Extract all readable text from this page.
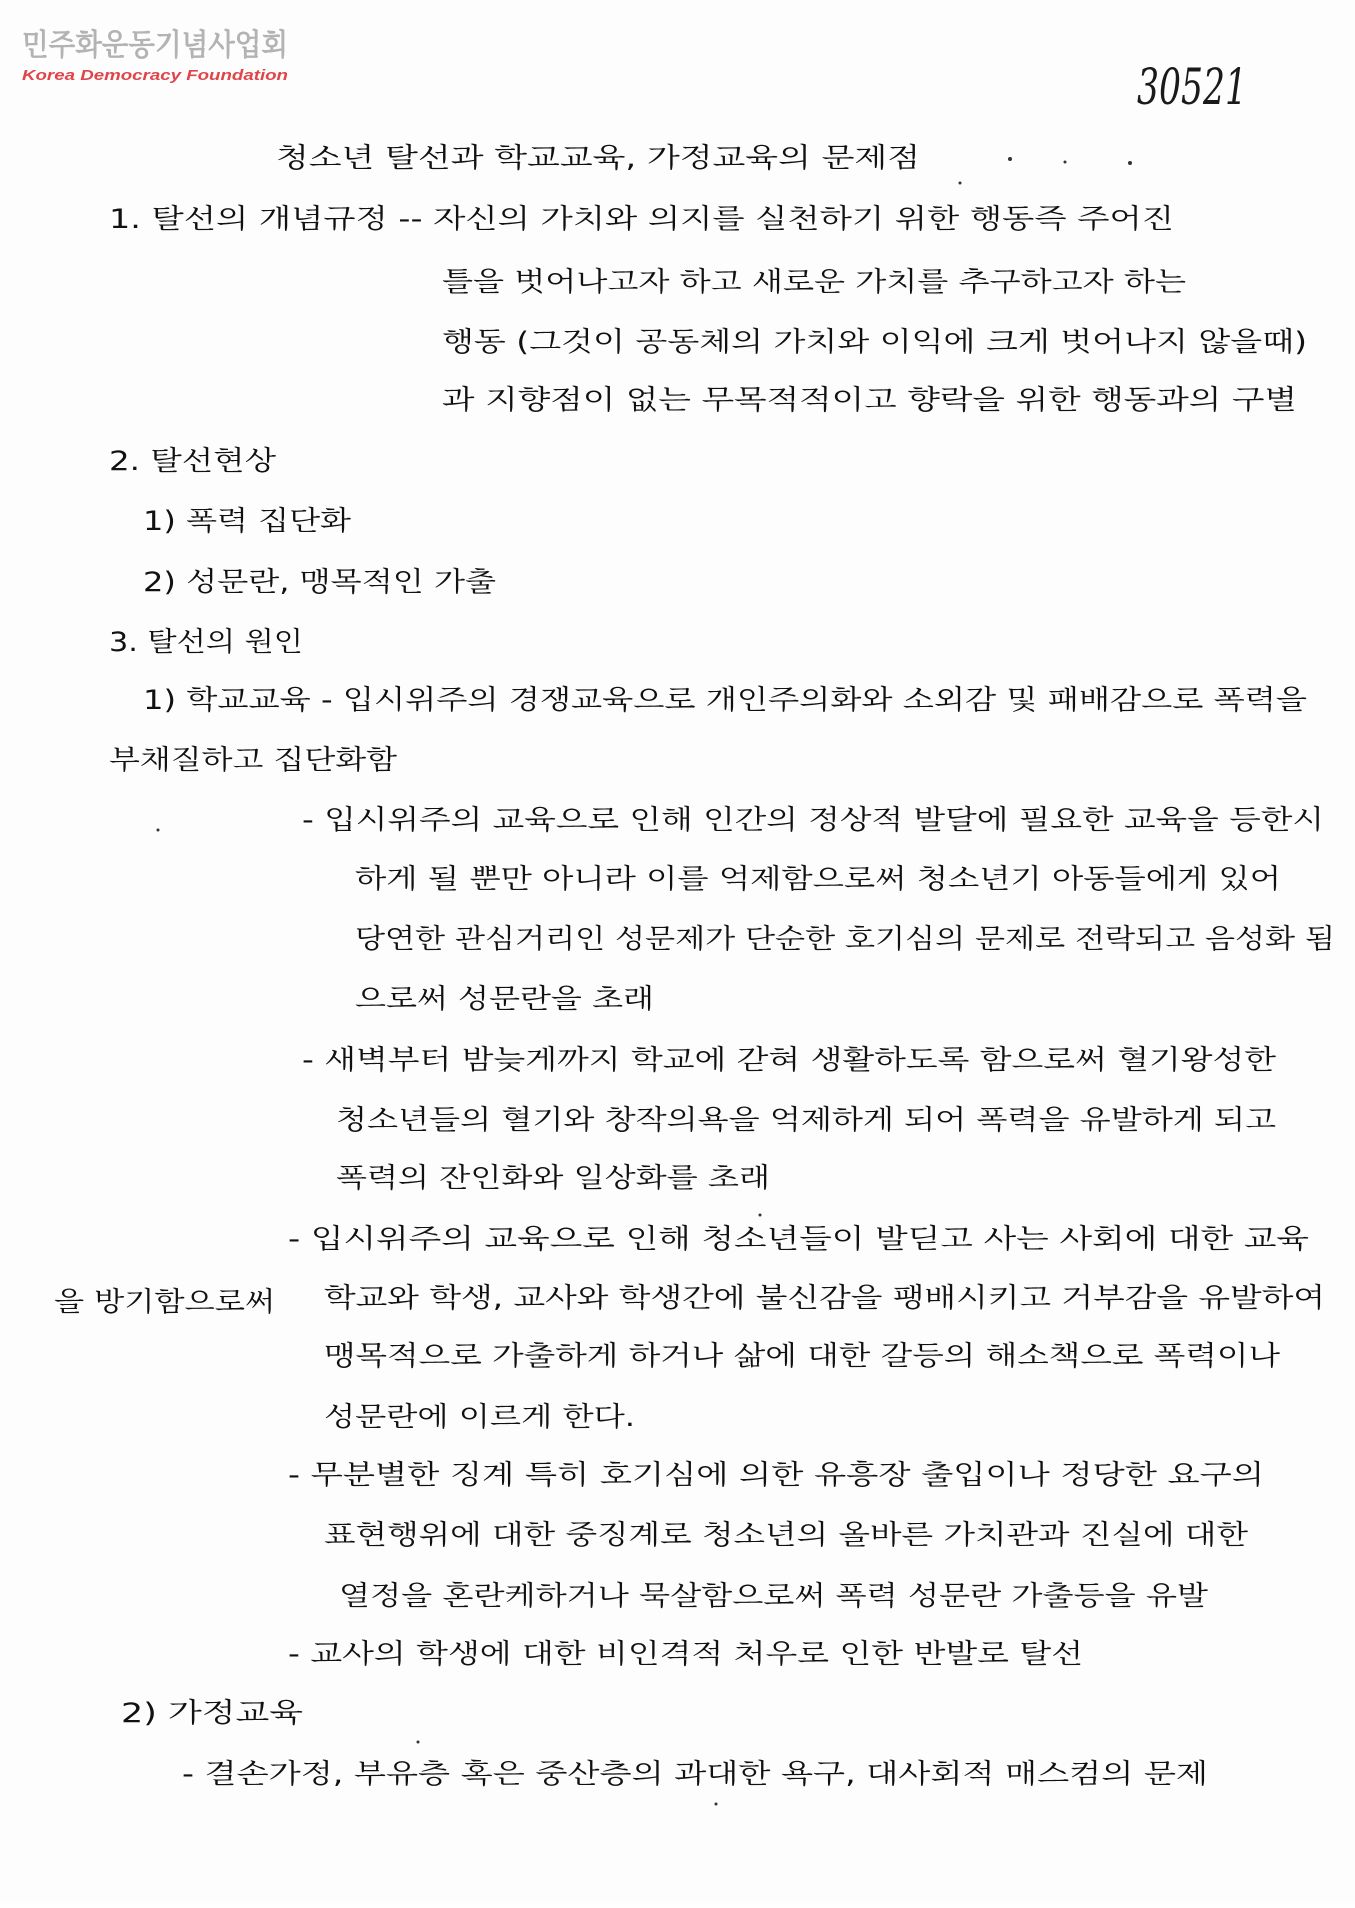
민주화운동기념사업회
Korea Democracy Foundation	30521
청소년 탈선과 학교교육, 가정교육의 문제점
1. 탈선의 개념규정 -- 자신의 가치와 의지를 실천하기 위한 행동즉 주어진
틀을 벗어나고자 하고 새로운 가치를 추구하고자 하는
행동 (그것이 공동체의 가치와 이익에 크게 벗어나지 않을때)
과 지향점이 없는 무목적적이고 향락을 위한 행동과의 구별
2. 탈선현상
1) 폭력 집단화
2) 성문란, 맹목적인 가출
3. 탈선의 원인
1) 학교교육 - 입시위주의 경쟁교육으로 개인주의화와 소외감 및 패배감으로 폭력을
부채질하고 집단화함
- 입시위주의 교육으로 인해 인간의 정상적 발달에 필요한 교육을 등한시
하게 될 뿐만 아니라 이를 억제함으로써 청소년기 아동들에게 있어
당연한 관심거리인 성문제가 단순한 호기심의 문제로 전락되고 음성화 됨
으로써 성문란을 초래
- 새벽부터 밤늦게까지 학교에 갇혀 생활하도록 함으로써 혈기왕성한
청소년들의 혈기와 창작의욕을 억제하게 되어 폭력을 유발하게 되고
폭력의 잔인화와 일상화를 초래
- 입시위주의 교육으로 인해 청소년들이 발딛고 사는 사회에 대한 교육
을 방기함으로써 학교와 학생, 교사와 학생간에 불신감을 팽배시키고 거부감을 유발하여
맹목적으로 가출하게 하거나 삶에 대한 갈등의 해소책으로 폭력이나
성문란에 이르게 한다.
- 무분별한 징계 특히 호기심에 의한 유흥장 출입이나 정당한 요구의
표현행위에 대한 중징계로 청소년의 올바른 가치관과 진실에 대한
열정을 혼란케하거나 묵살함으로써 폭력 성문란 가출등을 유발
- 교사의 학생에 대한 비인격적 처우로 인한 반발로 탈선
2) 가정교육
- 결손가정, 부유층 혹은 중산층의 과대한 욕구, 대사회적 매스컴의 문제
